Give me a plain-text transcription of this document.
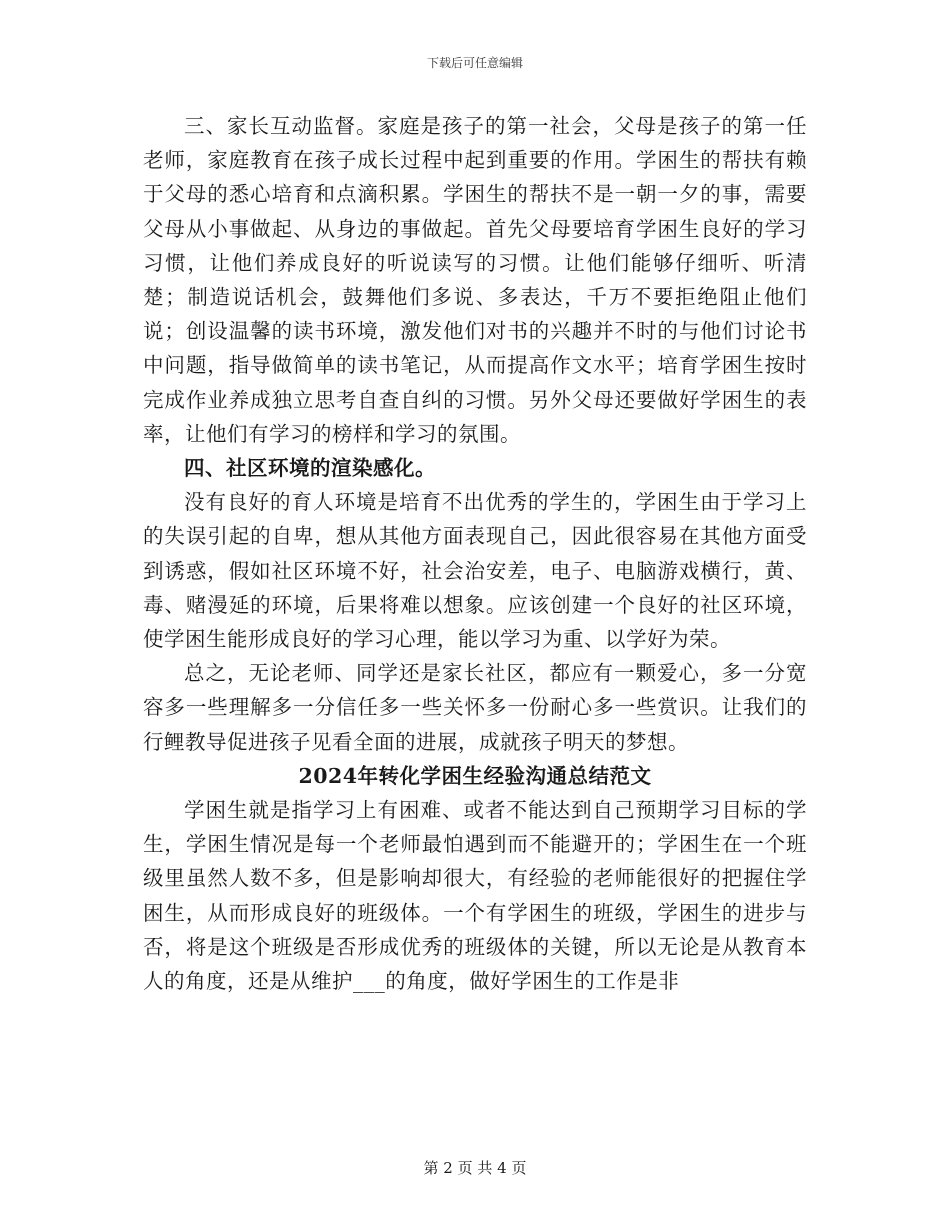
下载后可任意编辑

三、家长互动监督。家庭是孩子的第一社会，父母是孩子的第一任老师，家庭教育在孩子成长过程中起到重要的作用。学困生的帮扶有赖于父母的悉心培育和点滴积累。学困生的帮扶不是一朝一夕的事，需要父母从小事做起、从身边的事做起。首先父母要培育学困生良好的学习习惯，让他们养成良好的听说读写的习惯。让他们能够仔细听、听清楚；制造说话机会，鼓舞他们多说、多表达，千万不要拒绝阻止他们说；创设温馨的读书环境，激发他们对书的兴趣并不时的与他们讨论书中问题，指导做简单的读书笔记，从而提高作文水平；培育学困生按时完成作业养成独立思考自查自纠的习惯。另外父母还要做好学困生的表率，让他们有学习的榜样和学习的氛围。

四、社区环境的渲染感化。

没有良好的育人环境是培育不出优秀的学生的，学困生由于学习上的失误引起的自卑，想从其他方面表现自己，因此很容易在其他方面受到诱惑，假如社区环境不好，社会治安差，电子、电脑游戏横行，黄、毒、赌漫延的环境，后果将难以想象。应该创建一个良好的社区环境，使学困生能形成良好的学习心理，能以学习为重、以学好为荣。

总之，无论老师、同学还是家长社区，都应有一颗爱心，多一分宽容多一些理解多一分信任多一些关怀多一份耐心多一些赏识。让我们的行鲤教导促进孩子见看全面的进展，成就孩子明天的梦想。

2024年转化学困生经验沟通总结范文

学困生就是指学习上有困难、或者不能达到自己预期学习目标的学生，学困生情况是每一个老师最怕遇到而不能避开的；学困生在一个班级里虽然人数不多，但是影响却很大，有经验的老师能很好的把握住学困生，从而形成良好的班级体。一个有学困生的班级，学困生的进步与否，将是这个班级是否形成优秀的班级体的关键，所以无论是从教育本人的角度，还是从维护___的角度，做好学困生的工作是非

第 2 页 共 4 页
